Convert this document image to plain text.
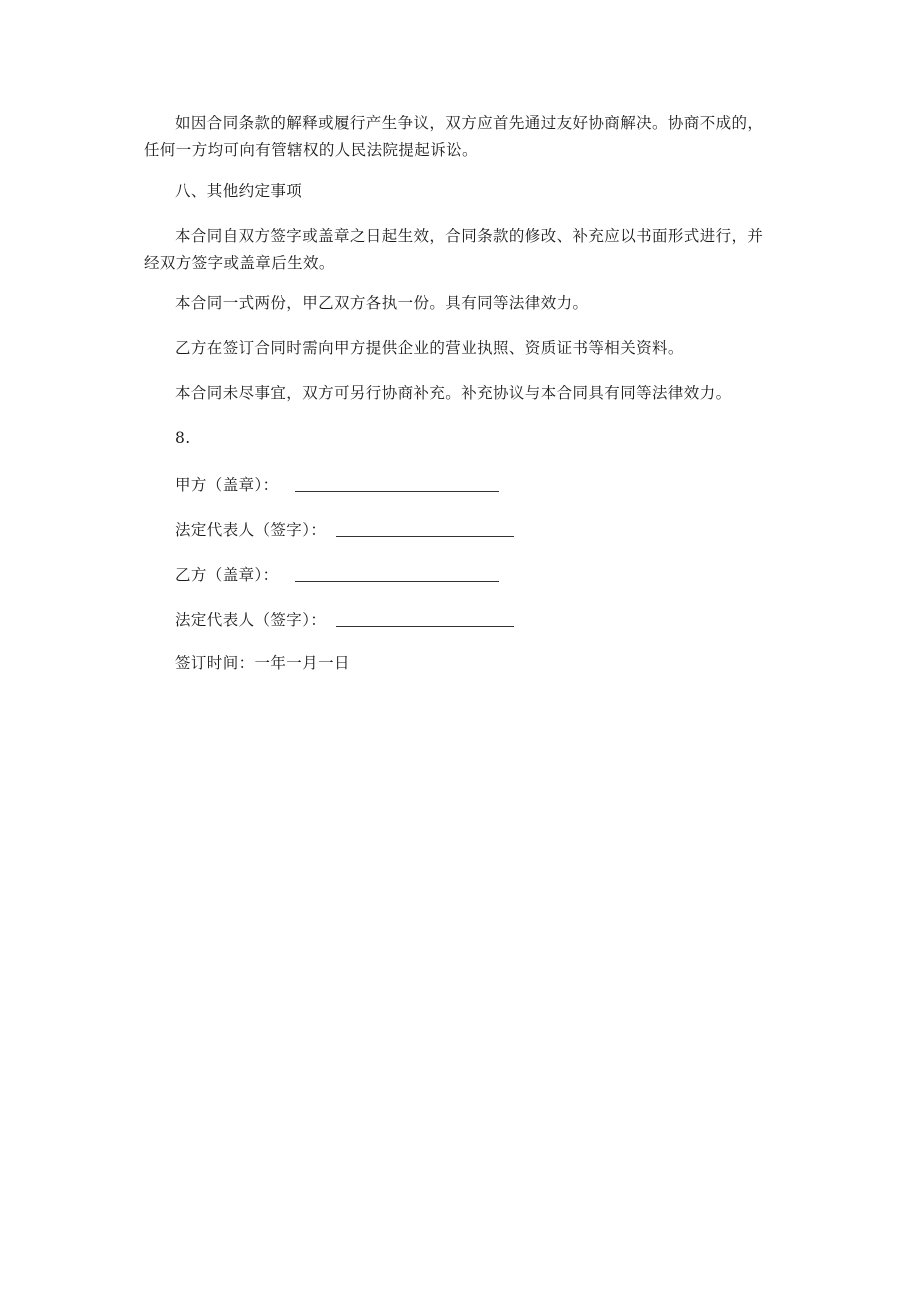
如因合同条款的解释或履行产生争议，双方应首先通过友好协商解决。协商不成的，任何一方均可向有管辖权的人民法院提起诉讼。

八、其他约定事项

本合同自双方签字或盖章之日起生效，合同条款的修改、补充应以书面形式进行，并经双方签字或盖章后生效。

本合同一式两份，甲乙双方各执一份。具有同等法律效力。

乙方在签订合同时需向甲方提供企业的营业执照、资质证书等相关资料。

本合同未尽事宜，双方可另行协商补充。补充协议与本合同具有同等法律效力。

8.

甲方（盖章）：
法定代表人（签字）：
乙方（盖章）：
法定代表人（签字）：

签订时间：一年一月一日
